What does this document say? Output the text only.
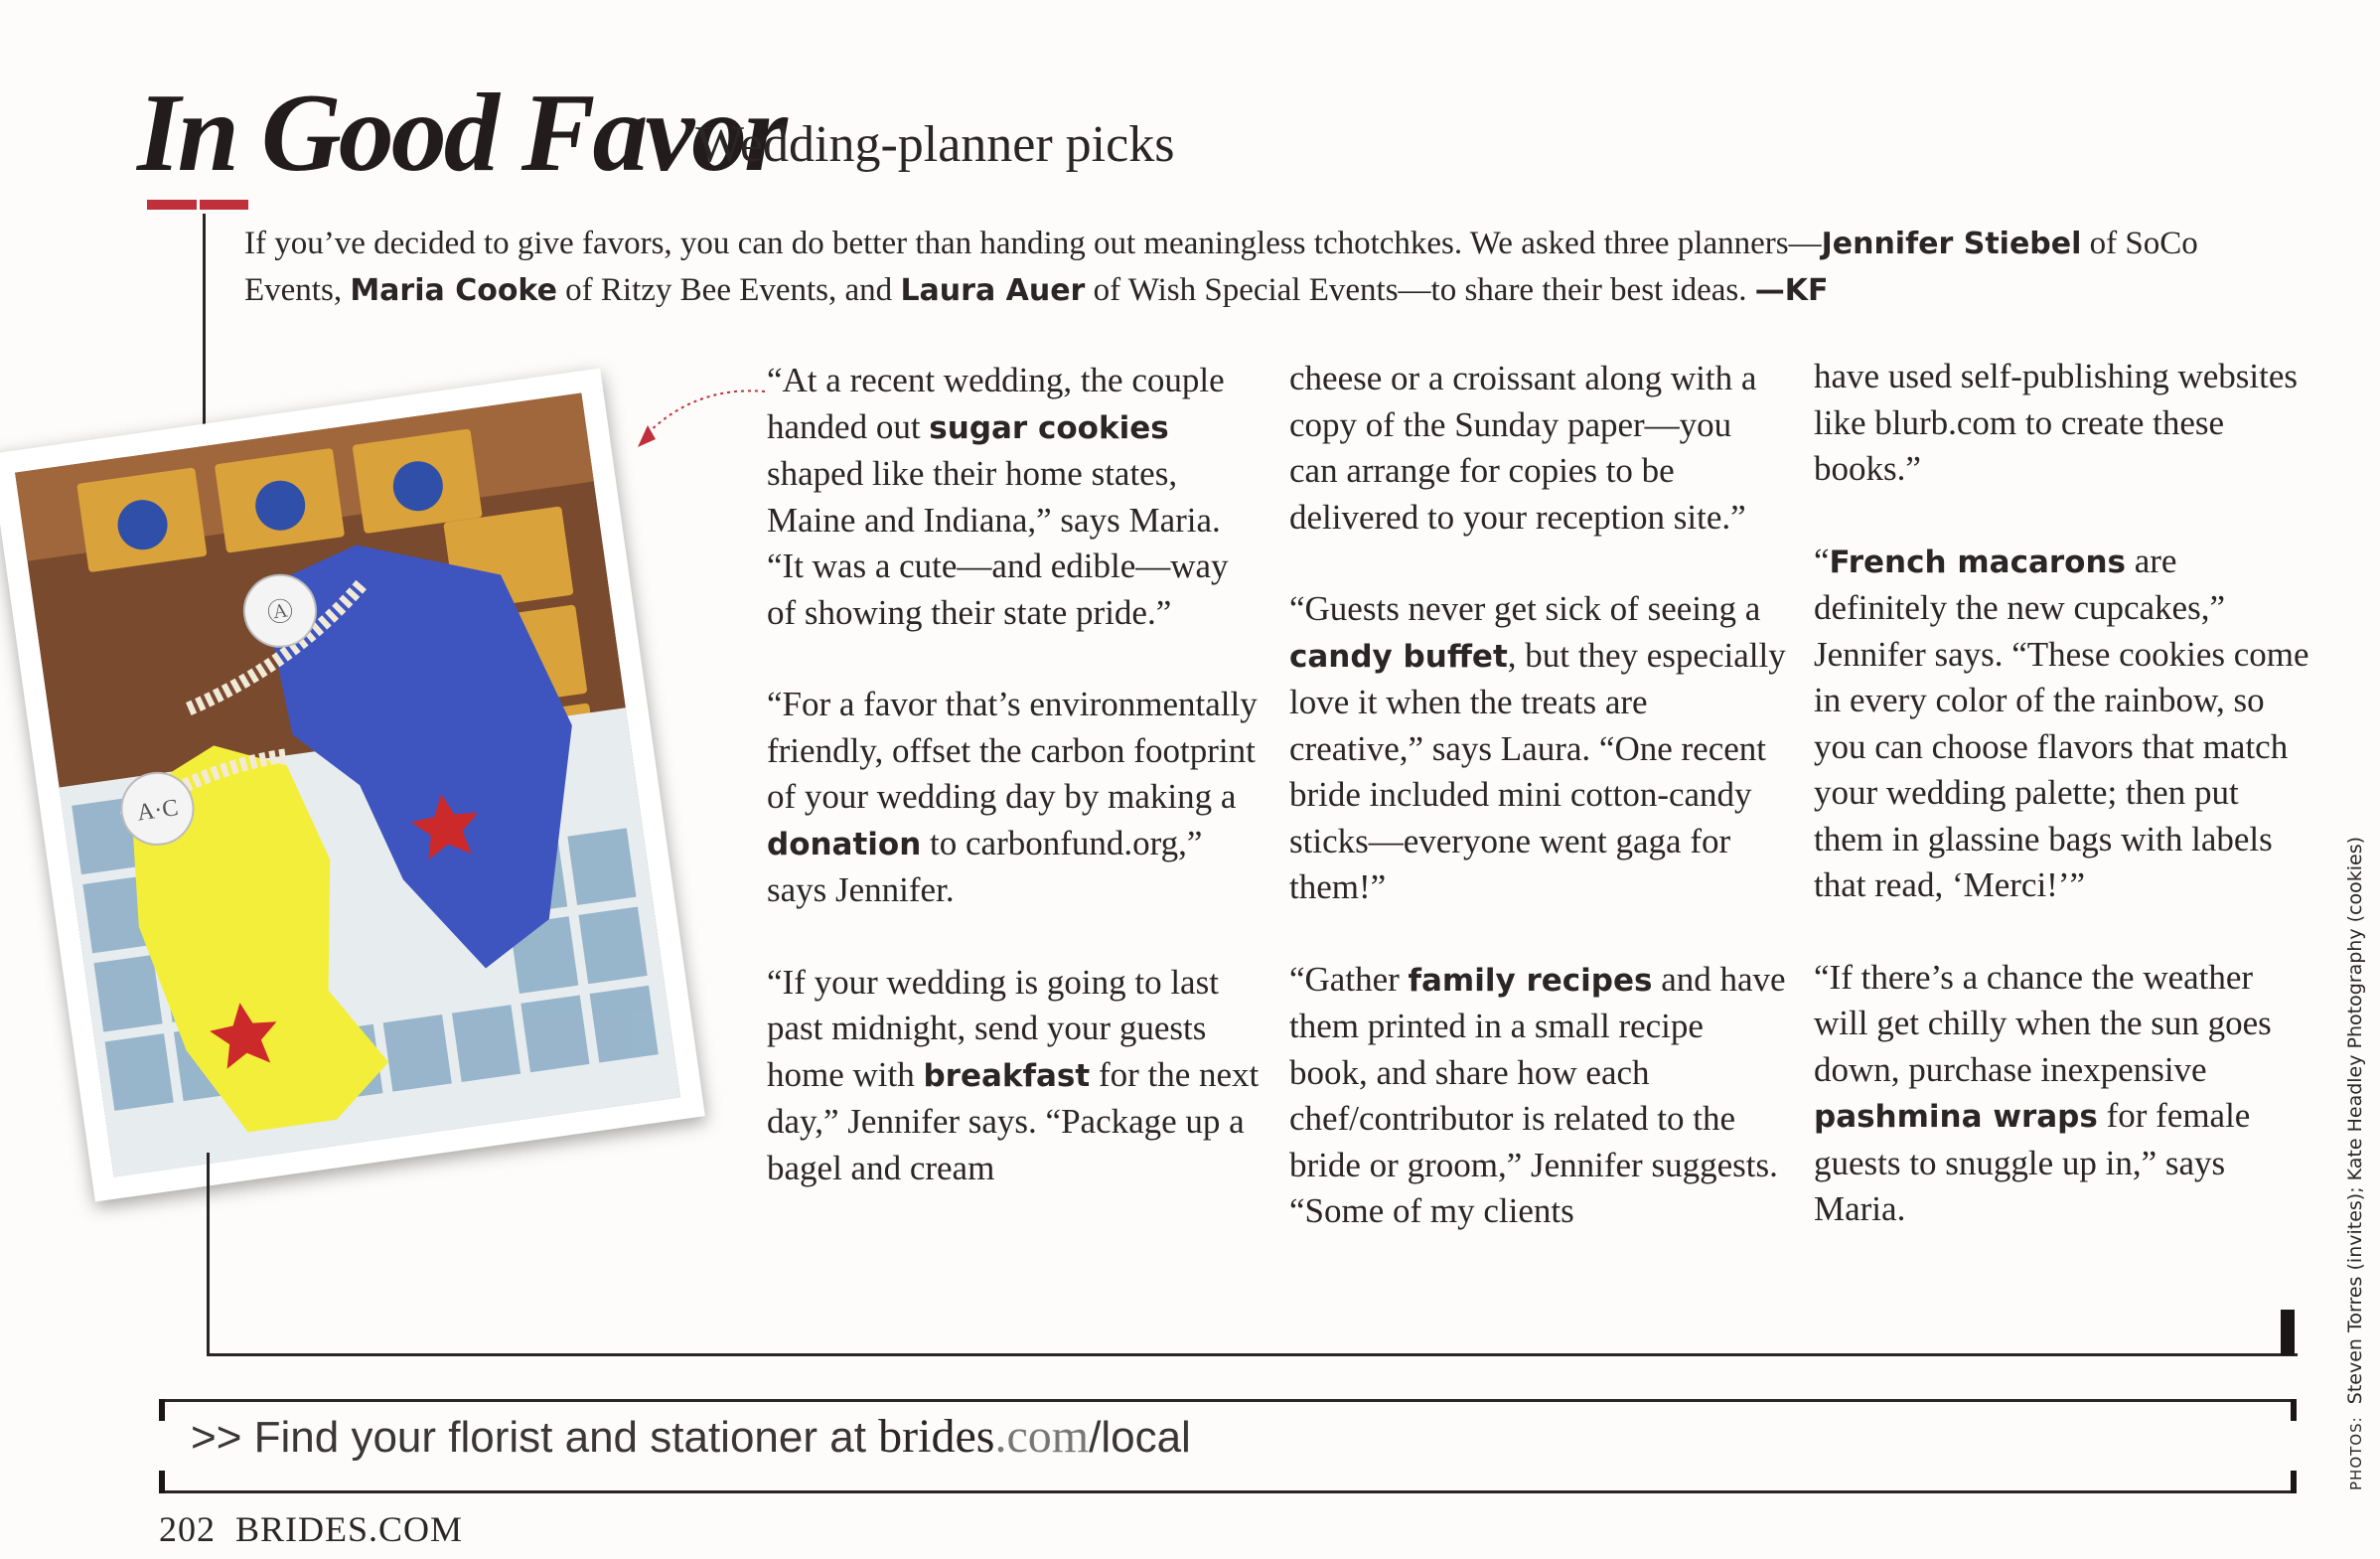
In Good Favor
Wedding-planner picks
If you’ve decided to give favors, you can do better than handing out meaningless tchotchkes. We asked three planners—Jennifer Stiebel of SoCo Events, Maria Cooke of Ritzy Bee Events, and Laura Auer of Wish Special Events—to share their best ideas. —KF
A·C
Ⓐ

“At a recent wedding, the couple handed out sugar cookies shaped like their home states, Maine and Indiana,” says Maria. “It was a cute—and edible—way of showing their state pride.”

“For a favor that’s environmentally friendly, offset the carbon footprint of your wedding day by making a donation to carbonfund.org,” says Jennifer.

“If your wedding is going to last past midnight, send your guests home with breakfast for the next day,” Jennifer says. “Package up a bagel and cream

cheese or a croissant along with a copy of the Sunday paper—you can arrange for copies to be delivered to your reception site.”

“Guests never get sick of seeing a candy buffet, but they especially love it when the treats are creative,” says Laura. “One recent bride included mini cotton-candy sticks—everyone went gaga for them!”

“Gather family recipes and have them printed in a small recipe book, and share how each chef/contributor is related to the bride or groom,” Jennifer suggests. “Some of my clients

have used self-publishing websites like blurb.com to create these books.”

“French macarons are definitely the new cupcakes,” Jennifer says. “These cookies come in every color of the rainbow, so you can choose flavors that match your wedding palette; then put them in glassine bags with labels that read, ‘Merci!’”

“If there’s a chance the weather will get chilly when the sun goes down, purchase inexpensive pashmina wraps for female guests to snuggle up in,” says Maria.

>> Find your florist and stationer at brides.com/local
202 BRIDES.COM
PHOTOS:  Steven Torres (invites); Kate Headley Photography (cookies)
